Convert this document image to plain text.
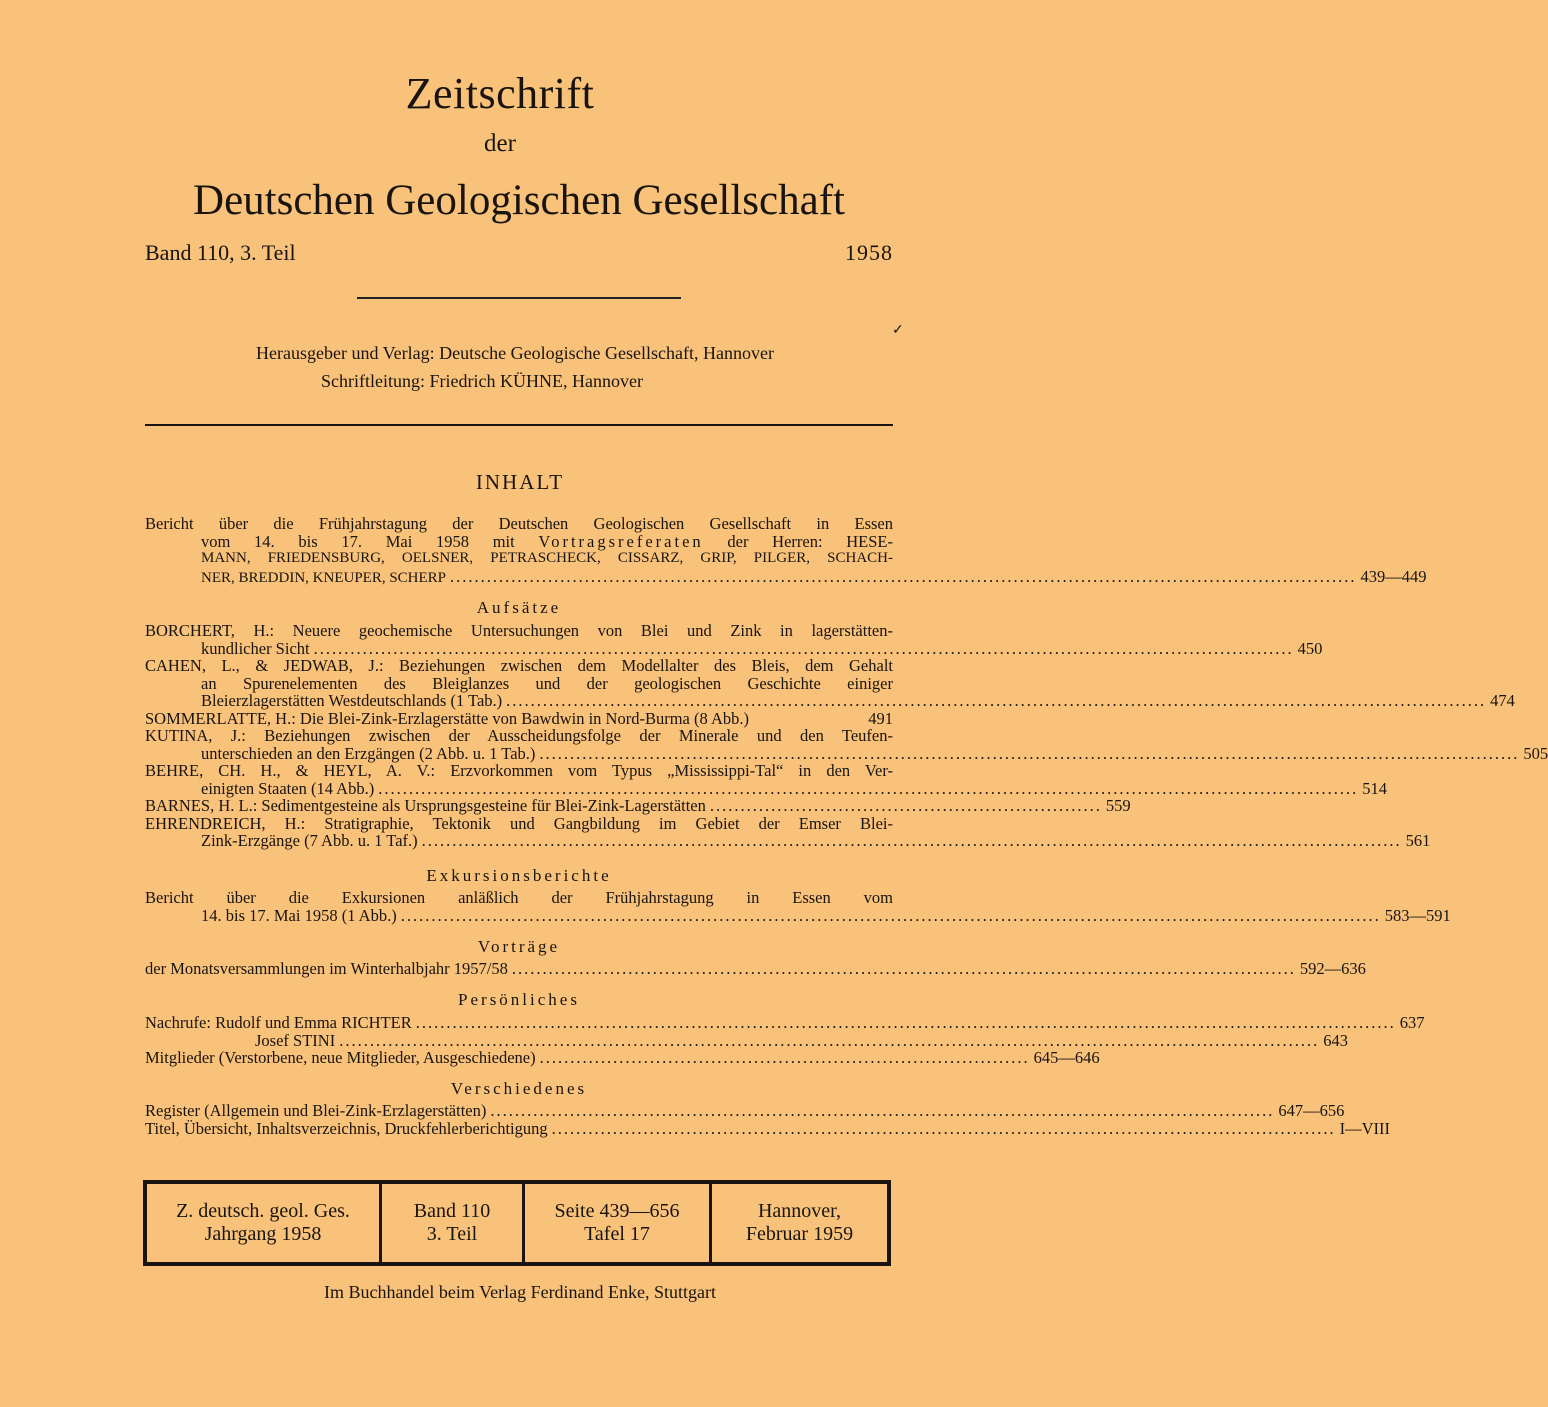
Zeitschrift
der
Deutschen Geologischen Gesellschaft
Band 110, 3. Teil	1958
✓
Herausgeber und Verlag: Deutsche Geologische Gesellschaft, Hannover
Schriftleitung: Friedrich KÜHNE, Hannover
INHALT
Bericht über die Frühjahrstagung der Deutschen Geologischen Gesellschaft in Essen
vom 14. bis 17. Mai 1958 mit Vortragsreferaten der Herren: HESE-
MANN, FRIEDENSBURG, OELSNER, PETRASCHECK, CISSARZ, GRIP, PILGER, SCHACH-
NER, BREDDIN, KNEUPER, SCHERP .................................................................................................................................................... 439—449
Aufsätze
BORCHERT, H.: Neuere geochemische Untersuchungen von Blei und Zink in lagerstätten-
kundlicher Sicht ................................................................................................................................................................ 450
CAHEN, L., & JEDWAB, J.: Beziehungen zwischen dem Modellalter des Bleis, dem Gehalt
an Spurenelementen des Bleiglanzes und der geologischen Geschichte einiger
Bleierzlagerstätten Westdeutschlands (1 Tab.) ................................................................................................................................................................ 474
SOMMERLATTE, H.: Die Blei-Zink-Erzlagerstätte von Bawdwin in Nord-Burma (8 Abb.)	491
KUTINA, J.: Beziehungen zwischen der Ausscheidungsfolge der Minerale und den Teufen-
unterschieden an den Erzgängen (2 Abb. u. 1 Tab.) ................................................................................................................................................................ 505
BEHRE, CH. H., & HEYL, A. V.: Erzvorkommen vom Typus „Mississippi-Tal“ in den Ver-
einigten Staaten (14 Abb.) ................................................................................................................................................................ 514
BARNES, H. L.: Sedimentgesteine als Ursprungsgesteine für Blei-Zink-Lagerstätten ................................................................ 559
EHRENDREICH, H.: Stratigraphie, Tektonik und Gangbildung im Gebiet der Emser Blei-
Zink-Erzgänge (7 Abb. u. 1 Taf.) ................................................................................................................................................................ 561
Exkursionsberichte
Bericht über die Exkursionen anläßlich der Frühjahrstagung in Essen vom
14. bis 17. Mai 1958 (1 Abb.) ................................................................................................................................................................ 583—591
Vorträge
der Monatsversammlungen im Winterhalbjahr 1957/58 ................................................................................................................................ 592—636
Persönliches
Nachrufe: Rudolf und Emma RICHTER ................................................................................................................................................................ 637
Josef STINI ................................................................................................................................................................ 643
Mitglieder (Verstorbene, neue Mitglieder, Ausgeschiedene) ................................................................................ 645—646
Verschiedenes
Register (Allgemein und Blei-Zink-Erzlagerstätten) ................................................................................................................................ 647—656
Titel, Übersicht, Inhaltsverzeichnis, Druckfehlerberichtigung ................................................................................................................................ I—VIII
Z. deutsch. geol. Ges.
Jahrgang 1958
Band 110
3. Teil
Seite 439—656
Tafel 17
Hannover,
Februar 1959
Im Buchhandel beim Verlag Ferdinand Enke, Stuttgart
